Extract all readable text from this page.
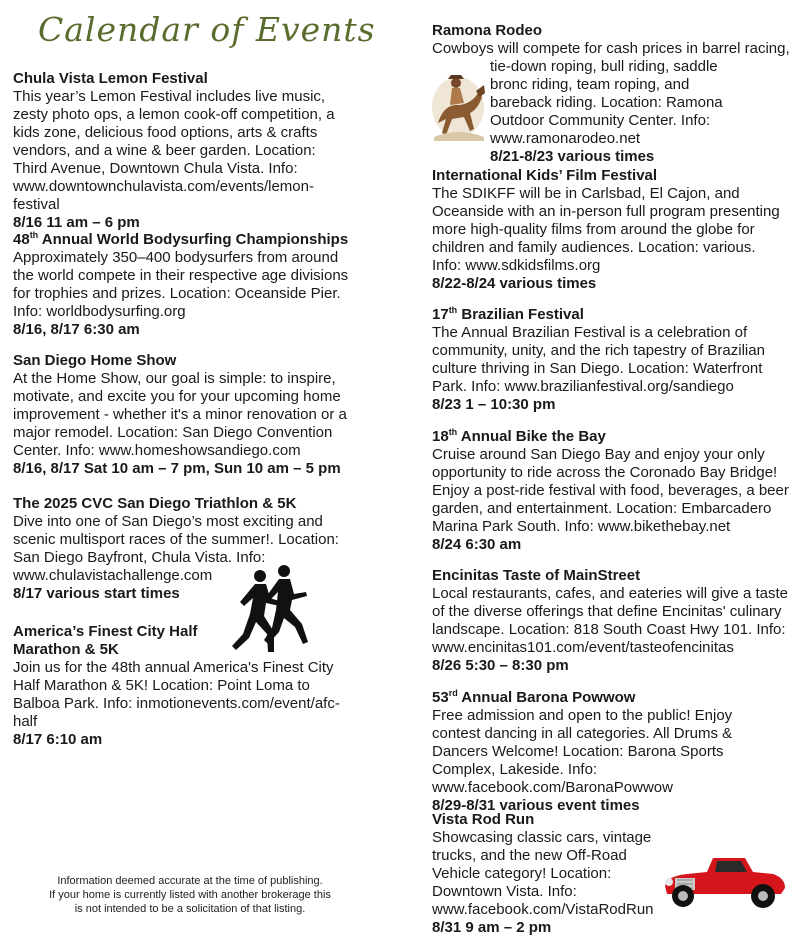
Calendar of Events
Chula Vista Lemon Festival
This year’s Lemon Festival includes live music, zesty photo ops, a lemon cook-off competition, a kids zone, delicious food options, arts & crafts vendors, and a wine & beer garden. Location: Third Avenue, Downtown Chula Vista. Info: www.downtownchulavista.com/events/lemon-festival
8/16 11 am – 6 pm
48th Annual World Bodysurfing Championships
Approximately 350–400 bodysurfers from around the world compete in their respective age divisions for trophies and prizes. Location: Oceanside Pier. Info: worldbodysurfing.org
8/16, 8/17 6:30 am
San Diego Home Show
At the Home Show, our goal is simple: to inspire, motivate, and excite you for your upcoming home improvement - whether it's a minor renovation or a major remodel. Location: San Diego Convention Center. Info: www.homeshowsandiego.com
8/16, 8/17 Sat 10 am – 7 pm, Sun 10 am – 5 pm
The 2025 CVC San Diego Triathlon & 5K
Dive into one of San Diego’s most exciting and scenic multisport races of the summer!. Location: San Diego Bayfront, Chula Vista. Info: www.chulavistachallenge.com
8/17 various start times
America’s Finest City Half
Marathon & 5K
Join us for the 48th annual America's Finest City Half Marathon & 5K! Location: Point Loma to Balboa Park. Info: inmotionevents.com/event/afc-half
8/17 6:10 am
Information deemed accurate at the time of publishing.
If your home is currently listed with another brokerage this
is not intended to be a solicitation of that listing.
Ramona Rodeo
Cowboys will compete for cash prices in barrel racing,
tie-down roping, bull riding, saddle bronc riding, team roping, and bareback riding. Location: Ramona Outdoor Community Center. Info: www.ramonarodeo.net
8/21-8/23 various times
International Kids’ Film Festival
The SDIKFF will be in Carlsbad, El Cajon, and Oceanside with an in-person full program presenting more high-quality films from around the globe for children and family audiences. Location: various. Info: www.sdkidsfilms.org
8/22-8/24 various times
17th Brazilian Festival
The Annual Brazilian Festival is a celebration of community, unity, and the rich tapestry of Brazilian culture thriving in San Diego. Location: Waterfront Park. Info: www.brazilianfestival.org/sandiego
8/23 1 – 10:30 pm
18th Annual Bike the Bay
Cruise around San Diego Bay and enjoy your only opportunity to ride across the Coronado Bay Bridge! Enjoy a post-ride festival with food, beverages, a beer garden, and entertainment. Location: Embarcadero Marina Park South. Info: www.bikethebay.net
8/24 6:30 am
Encinitas Taste of MainStreet
Local restaurants, cafes, and eateries will give a taste of the diverse offerings that define Encinitas' culinary landscape. Location: 818 South Coast Hwy 101. Info: www.encinitas101.com/event/tasteofencinitas
8/26 5:30 – 8:30 pm
53rd Annual Barona Powwow
Free admission and open to the public! Enjoy contest dancing in all categories. All Drums & Dancers Welcome! Location: Barona Sports Complex, Lakeside. Info: www.facebook.com/BaronaPowwow
8/29-8/31 various event times
Vista Rod Run
Showcasing classic cars, vintage trucks, and the new Off-Road Vehicle category! Location: Downtown Vista. Info: www.facebook.com/VistaRodRun
8/31 9 am – 2 pm
